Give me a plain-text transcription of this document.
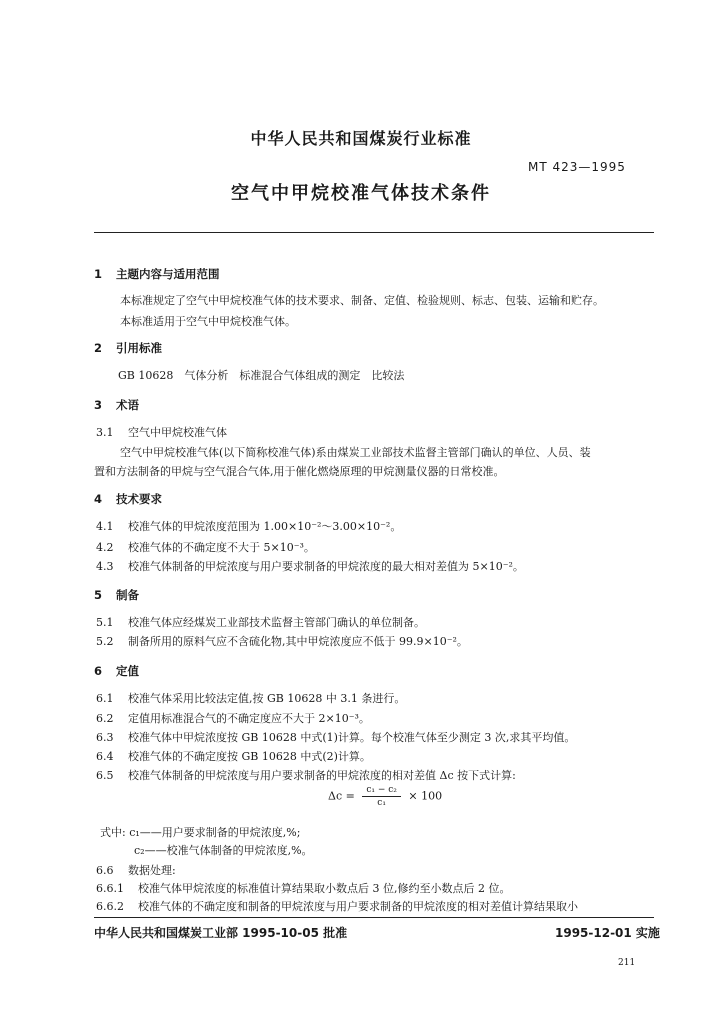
中华人民共和国煤炭行业标准
MT 423—1995
空气中甲烷校准气体技术条件
1 主题内容与适用范围
本标准规定了空气中甲烷校准气体的技术要求、制备、定值、检验规则、标志、包装、运输和贮存。
本标准适用于空气中甲烷校准气体。
2 引用标准
GB 10628　气体分析　标准混合气体组成的测定　比较法
3 术语
3.1 空气中甲烷校准气体
空气中甲烷校准气体(以下简称校准气体)系由煤炭工业部技术监督主管部门确认的单位、人员、装
置和方法制备的甲烷与空气混合气体,用于催化燃烧原理的甲烷测量仪器的日常校准。
4 技术要求
4.1 校准气体的甲烷浓度范围为 1.00×10⁻²～3.00×10⁻²。
4.2 校准气体的不确定度不大于 5×10⁻³。
4.3 校准气体制备的甲烷浓度与用户要求制备的甲烷浓度的最大相对差值为 5×10⁻²。
5 制备
5.1 校准气体应经煤炭工业部技术监督主管部门确认的单位制备。
5.2 制备所用的原料气应不含硫化物,其中甲烷浓度应不低于 99.9×10⁻²。
6 定值
6.1 校准气体采用比较法定值,按 GB 10628 中 3.1 条进行。
6.2 定值用标准混合气的不确定度应不大于 2×10⁻³。
6.3 校准气体中甲烷浓度按 GB 10628 中式(1)计算。每个校准气体至少测定 3 次,求其平均值。
6.4 校准气体的不确定度按 GB 10628 中式(2)计算。
6.5 校准气体制备的甲烷浓度与用户要求制备的甲烷浓度的相对差值 Δc 按下式计算:
$\Delta c = \frac{\text{c₁ − c₂}}{\text{c₁}} \times 100$
式中: c₁——用户要求制备的甲烷浓度,%;
c₂——校准气体制备的甲烷浓度,%。
6.6 数据处理:
6.6.1 校准气体甲烷浓度的标准值计算结果取小数点后 3 位,修约至小数点后 2 位。
6.6.2 校准气体的不确定度和制备的甲烷浓度与用户要求制备的甲烷浓度的相对差值计算结果取小
中华人民共和国煤炭工业部 1995-10-05 批准	1995-12-01 实施
211
